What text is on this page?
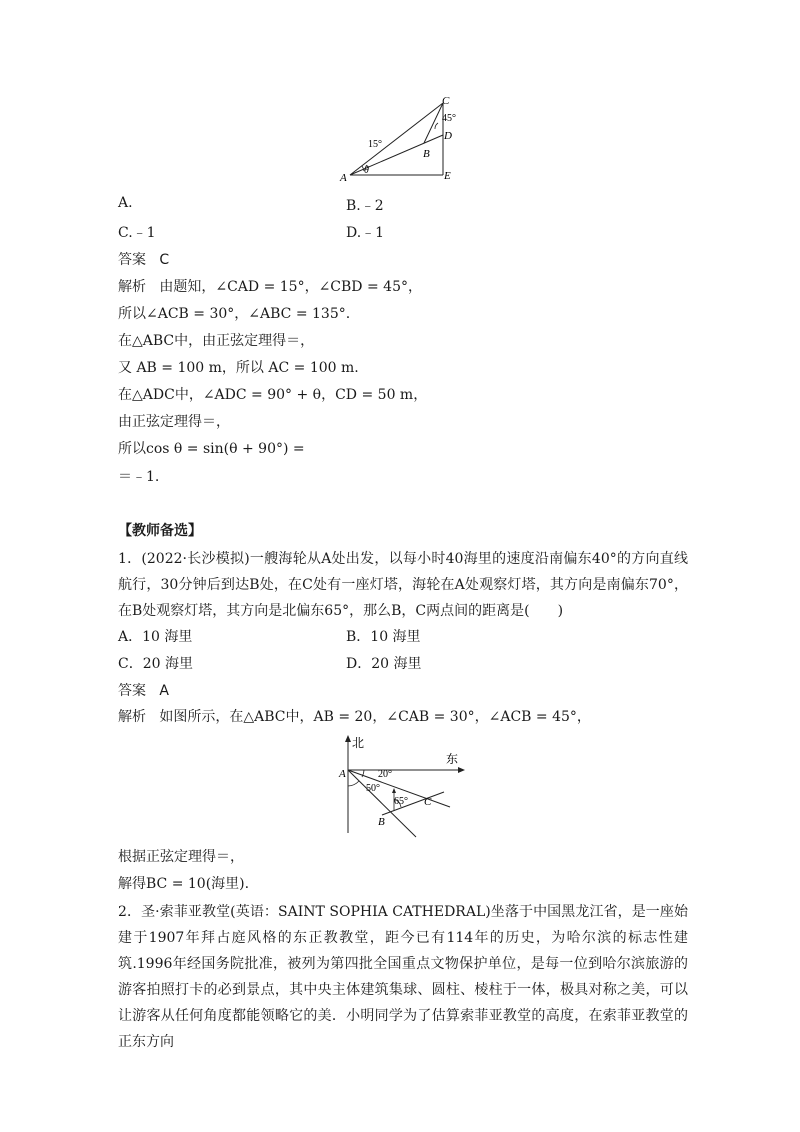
A
B
C
D
E
15°
45°
θ
A.	B.﹣2
C.﹣1	D.﹣1
答案 C
解析 由题知，∠CAD = 15°，∠CBD = 45°，
所以∠ACB = 30°，∠ABC = 135°.
在△ABC中，由正弦定理得＝，
又 AB = 100 m，所以 AC = 100 m.
在△ADC中，∠ADC = 90° + θ，CD = 50 m，
由正弦定理得＝，
所以cos θ = sin(θ + 90°) =
＝﹣1.
【教师备选】
1．(2022·长沙模拟)一艘海轮从A处出发，以每小时40海里的速度沿南偏东40°的方向直线航行，30分钟后到达B处，在C处有一座灯塔，海轮在A处观察灯塔，其方向是南偏东70°，在B处观察灯塔，其方向是北偏东65°，那么B，C两点间的距离是(　　)
A．10 海里	B．10 海里
C．20 海里	D．20 海里
答案 A
解析 如图所示，在△ABC中，AB = 20，∠CAB = 30°，∠ACB = 45°，
北
东
A
B
C
20°
50°
65°
根据正弦定理得＝，
解得BC = 10(海里).
2．圣·索菲亚教堂(英语：SAINT SOPHIA CATHEDRAL)坐落于中国黑龙江省，是一座始建于1907年拜占庭风格的东正教教堂，距今已有114年的历史，为哈尔滨的标志性建筑.1996年经国务院批准，被列为第四批全国重点文物保护单位，是每一位到哈尔滨旅游的游客拍照打卡的必到景点，其中央主体建筑集球、圆柱、棱柱于一体，极具对称之美，可以让游客从任何角度都能领略它的美．小明同学为了估算索菲亚教堂的高度，在索菲亚教堂的正东方向
